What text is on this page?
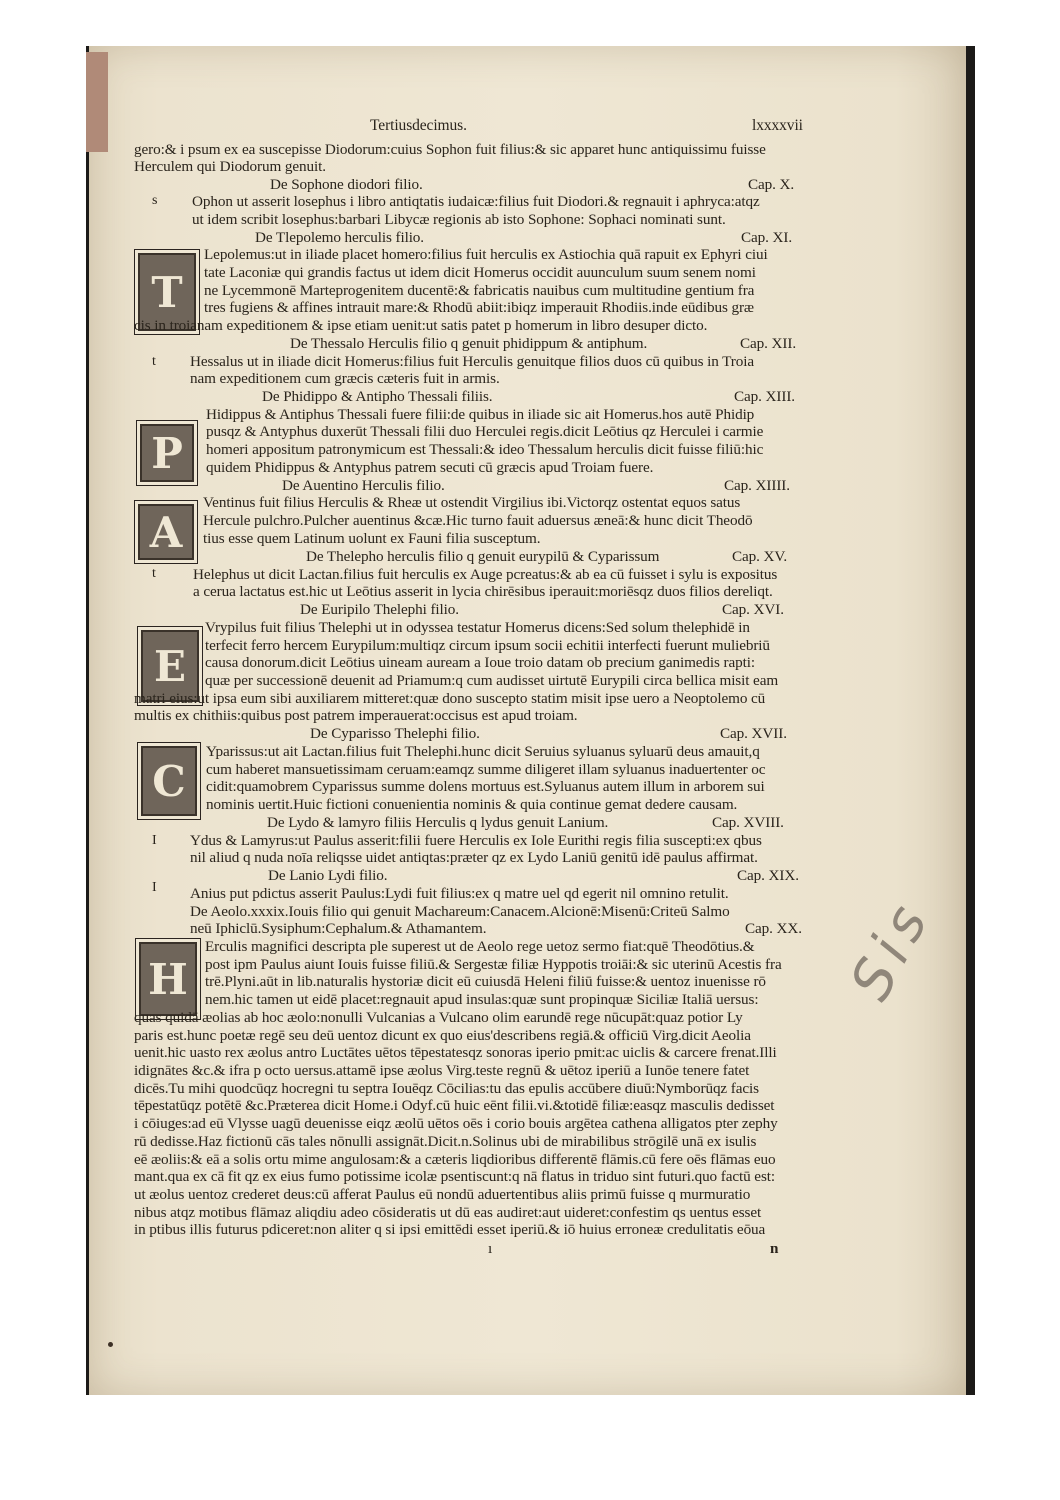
Tertiusdecimus.	lxxxxvii
T
P
A
E
C
H
s
t
t
I
I
gero:& i psum ex ea suscepisse Diodorum:cuius Sophon fuit filius:& sic apparet hunc antiquissimu fuisse
Herculem qui Diodorum genuit.
De Sophone diodori filio.	Cap. X.
Ophon ut asserit losephus i libro antiqtatis iudaicæ:filius fuit Diodori.& regnauit i aphryca:atqz
ut idem scribit losephus:barbari Libycæ regionis ab isto Sophone: Sophaci nominati sunt.
De Tlepolemo herculis filio.	Cap. XI.
Lepolemus:ut in iliade placet homero:filius fuit herculis ex Astiochia quā rapuit ex Ephyri ciui
tate Laconiæ qui grandis factus ut idem dicit Homerus occidit auunculum suum senem nomi
ne Lycemmonē Marteprogenitem ducentē:& fabricatis nauibus cum multitudine gentium fra
tres fugiens & affines intrauit mare:& Rhodū abiit:ibiqz imperauit Rhodiis.inde eūdibus græ
cis in troianam expeditionem & ipse etiam uenit:ut satis patet p homerum in libro desuper dicto.
De Thessalo Herculis filio q genuit phidippum & antiphum.	Cap. XII.
Hessalus ut in iliade dicit Homerus:filius fuit Herculis genuitque filios duos cū quibus in Troia
nam expeditionem cum græcis cæteris fuit in armis.
De Phidippo & Antipho Thessali filiis.	Cap. XIII.
Hidippus & Antiphus Thessali fuere filii:de quibus in iliade sic ait Homerus.hos autē Phidip
pusqz & Antyphus duxerūt Thessali filii duo Herculei regis.dicit Leōtius qz Herculei i carmie
homeri appositum patronymicum est Thessali:& ideo Thessalum herculis dicit fuisse filiū:hic
quidem Phidippus & Antyphus patrem secuti cū græcis apud Troiam fuere.
De Auentino Herculis filio.	Cap. XIIII.
Ventinus fuit filius Herculis & Rheæ ut ostendit Virgilius ibi.Victorqz ostentat equos satus
Hercule pulchro.Pulcher auentinus &cæ.Hic turno fauit aduersus æneā:& hunc dicit Theodō
tius esse quem Latinum uolunt ex Fauni filia susceptum.
De Thelepho herculis filio q genuit eurypilū & Cyparissum	Cap. XV.
Helephus ut dicit Lactan.filius fuit herculis ex Auge pcreatus:& ab ea cū fuisset i sylu is expositus
a cerua lactatus est.hic ut Leōtius asserit in lycia chirēsibus iperauit:moriēsqz duos filios dereliqt.
De Euripilo Thelephi filio.	Cap. XVI.
Vrypilus fuit filius Thelephi ut in odyssea testatur Homerus dicens:Sed solum thelephidē in
terfecit ferro hercem Eurypilum:multiqz circum ipsum socii echitii interfecti fuerunt muliebriū
causa donorum.dicit Leōtius uineam auream a Ioue troio datam ob precium ganimedis rapti:
quæ per successionē deuenit ad Priamum:q cum audisset uirtutē Eurypili circa bellica misit eam
matri eius:ut ipsa eum sibi auxiliarem mitteret:quæ dono suscepto statim misit ipse uero a Neoptolemo cū
multis ex chithiis:quibus post patrem imperauerat:occisus est apud troiam.
De Cyparisso Thelephi filio.	Cap. XVII.
Yparissus:ut ait Lactan.filius fuit Thelephi.hunc dicit Seruius syluanus syluarū deus amauit,q
cum haberet mansuetissimam ceruam:eamqz summe diligeret illam syluanus inaduertenter oc
cidit:quamobrem Cyparissus summe dolens mortuus est.Syluanus autem illum in arborem sui
nominis uertit.Huic fictioni conuenientia nominis & quia continue gemat dedere causam.
De Lydo & lamyro filiis Herculis q lydus genuit Lanium.	Cap. XVIII.
Ydus & Lamyrus:ut Paulus asserit:filii fuere Herculis ex Iole Eurithi regis filia suscepti:ex qbus
nil aliud q nuda noīa reliqsse uidet antiqtas:præter qz ex Lydo Laniū genitū idē paulus affirmat.
De Lanio Lydi filio.	Cap. XIX.
Anius put pdictus asserit Paulus:Lydi fuit filius:ex q matre uel qd egerit nil omnino retulit.
De Aeolo.xxxix.Iouis filio qui genuit Machareum:Canacem.Alcionē:Misenū:Criteū Salmo
neū Iphiclū.Sysiphum:Cephalum.& Athamantem.	Cap. XX.
Erculis magnifici descripta ple superest ut de Aeolo rege uetoz sermo fiat:quē Theodōtius.&
post ipm Paulus aiunt Iouis fuisse filiū.& Sergestæ filiæ Hyppotis troiāi:& sic uterinū Acestis fra
trē.Plyni.aūt in lib.naturalis hystoriæ dicit eū cuiusdā Heleni filiū fuisse:& uentoz inuenisse rō
nem.hic tamen ut eidē placet:regnauit apud insulas:quæ sunt propinquæ Siciliæ Italiā uersus:
quas quidā æolias ab hoc æolo:nonulli Vulcanias a Vulcano olim earundē rege nūcupāt:quaz potior Ly
paris est.hunc poetæ regē seu deū uentoz dicunt ex quo eius'describens regiā.& officiū Virg.dicit Aeolia
uenit.hic uasto rex æolus antro Luctātes uētos tēpestatesqz sonoras iperio pmit:ac uiclis & carcere frenat.Illi
idignātes &c.& ifra p octo uersus.attamē ipse æolus Virg.teste regnū & uētoz iperiū a Iunōe tenere fatet
dicēs.Tu mihi quodcūqz hocregni tu septra Iouēqz Cōcilias:tu das epulis accūbere diuū:Nymborūqz facis
tēpestatūqz potētē &c.Præterea dicit Home.i Odyf.cū huic eēnt filii.vi.&totidē filiæ:easqz masculis dedisset
i cōiuges:ad eū Vlysse uagū deuenisse eiqz æolū uētos oēs i corio bouis argētea cathena alligatos pter zephy
rū dedisse.Haz fictionū cās tales nōnulli assignāt.Dicit.n.Solinus ubi de mirabilibus strōgilē unā ex isulis
eē æoliis:& eā a solis ortu mime angulosam:& a cæteris liqdioribus differentē flāmis.cū fere oēs flāmas euo
mant.qua ex cā fit qz ex eius fumo potissime icolæ psentiscunt:q nā flatus in triduo sint futuri.quo factū est:
ut æolus uentoz crederet deus:cū afferat Paulus eū nondū aduertentibus aliis primū fuisse q murmuratio
nibus atqz motibus flāmaz aliqdiu adeo cōsideratis ut dū eas audiret:aut uideret:confestim qs uentus esset
in ptibus illis futurus pdiceret:non aliter q si ipsi emittēdi esset iperiū.& iō huius erroneæ credulitatis eōua
ı	n
Sis
